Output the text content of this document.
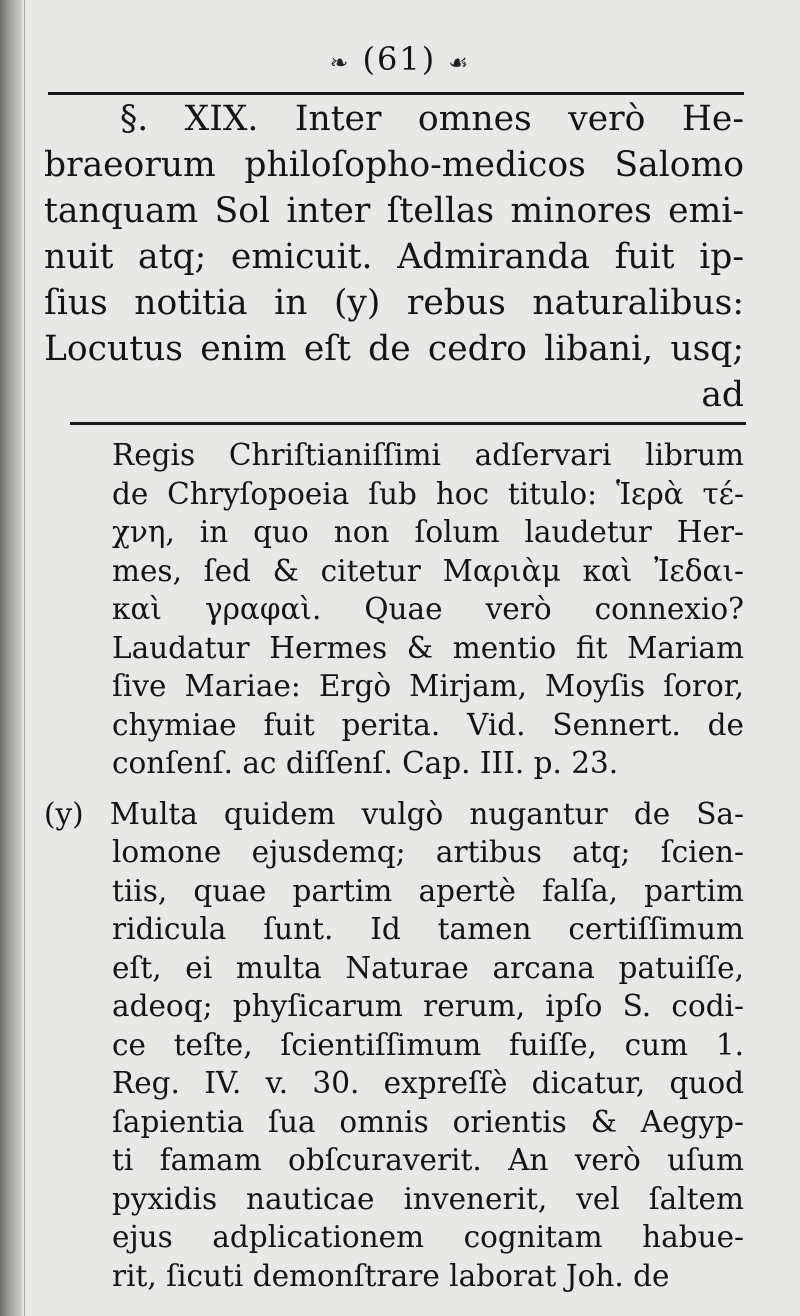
❧ (61) ☙
§. XIX. Inter omnes verò He-
braeorum philoſopho-medicos Salomo
tanquam Sol inter ſtellas minores emi-
nuit atq; emicuit. Admiranda fuit ip-
ſius notitia in (y) rebus naturalibus:
Locutus enim eſt de cedro libani, usq;
ad
Regis Chriſtianiſſimi adſervari librum
de Chryſopoeia ſub hoc titulo: Ἱερὰ τέ-
χνη, in quo non ſolum laudetur Her-
mes, ſed & citetur Μαριὰμ καὶ Ἰεδαι-
καὶ γραφαὶ. Quae verò connexio?
Laudatur Hermes & mentio fit Mariam
ſive Mariae: Ergò Mirjam, Moyſis ſoror,
chymiae fuit perita. Vid. Sennert. de
conſenſ. ac diſſenſ. Cap. III. p. 23.
(y) Multa quidem vulgò nugantur de Sa-
lomone ejusdemq; artibus atq; ſcien-
tiis, quae partim apertè falſa, partim
ridicula ſunt. Id tamen certiſſimum
eſt, ei multa Naturae arcana patuiſſe,
adeoq; phyſicarum rerum, ipſo S. codi-
ce teſte, ſcientiſſimum fuiſſe, cum 1.
Reg. IV. v. 30. expreſſè dicatur, quod
ſapientia ſua omnis orientis & Aegyp-
ti famam obſcuraverit. An verò uſum
pyxidis nauticae invenerit, vel ſaltem
ejus adplicationem cognitam habue-
rit, ſicuti demonſtrare laborat Joh. de
